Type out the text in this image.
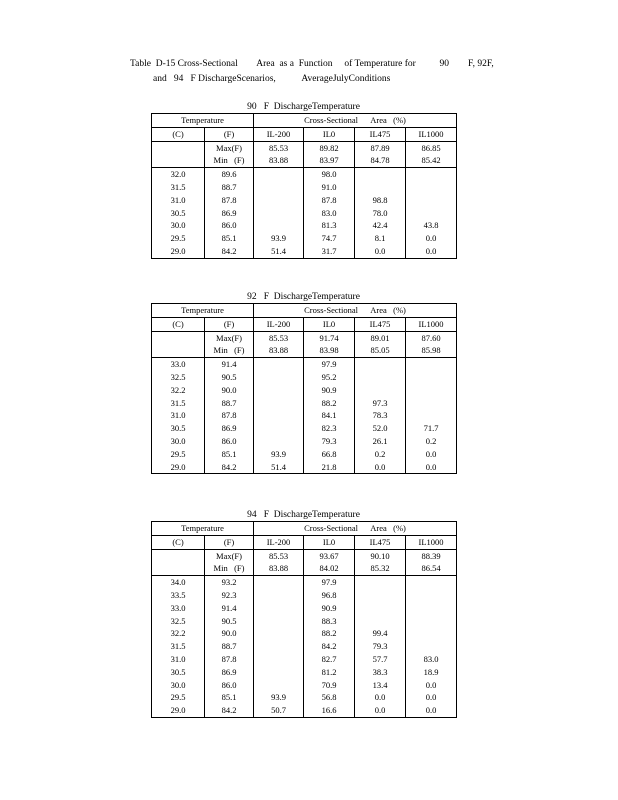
Table  D-15 Cross-Sectional        Area  as a  Function     of Temperature for          90        F, 92F,
and   94   F DischargeScenarios,           AverageJulyConditions
90   F  DischargeTemperature
Temperature		Cross-Sectional      Area   (%)			
(C)	(F)	IL-200	IL0	IL475	IL1000
	Max(F)	85.53	89.82	87.89	86.85
	Min   (F)	83.88	83.97	84.78	85.42
32.0	89.6		98.0		
31.5	88.7		91.0		
31.0	87.8		87.8	98.8	
30.5	86.9		83.0	78.0	
30.0	86.0		81.3	42.4	43.8
29.5	85.1	93.9	74.7	8.1	0.0
29.0	84.2	51.4	31.7	0.0	0.0
92   F  DischargeTemperature
Temperature		Cross-Sectional      Area   (%)			
(C)	(F)	IL-200	IL0	IL475	IL1000
	Max(F)	85.53	91.74	89.01	87.60
	Min   (F)	83.88	83.98	85.05	85.98
33.0	91.4		97.9		
32.5	90.5		95.2		
32.2	90.0		90.9		
31.5	88.7		88.2	97.3	
31.0	87.8		84.1	78.3	
30.5	86.9		82.3	52.0	71.7
30.0	86.0		79.3	26.1	0.2
29.5	85.1	93.9	66.8	0.2	0.0
29.0	84.2	51.4	21.8	0.0	0.0
94   F  DischargeTemperature
Temperature		Cross-Sectional      Area   (%)			
(C)	(F)	IL-200	IL0	IL475	IL1000
	Max(F)	85.53	93.67	90.10	88.39
	Min   (F)	83.88	84.02	85.32	86.54
34.0	93.2		97.9		
33.5	92.3		96.8		
33.0	91.4		90.9		
32.5	90.5		88.3		
32.2	90.0		88.2	99.4	
31.5	88.7		84.2	79.3	
31.0	87.8		82.7	57.7	83.0
30.5	86.9		81.2	38.3	18.9
30.0	86.0		70.9	13.4	0.0
29.5	85.1	93.9	56.8	0.0	0.0
29.0	84.2	50.7	16.6	0.0	0.0
